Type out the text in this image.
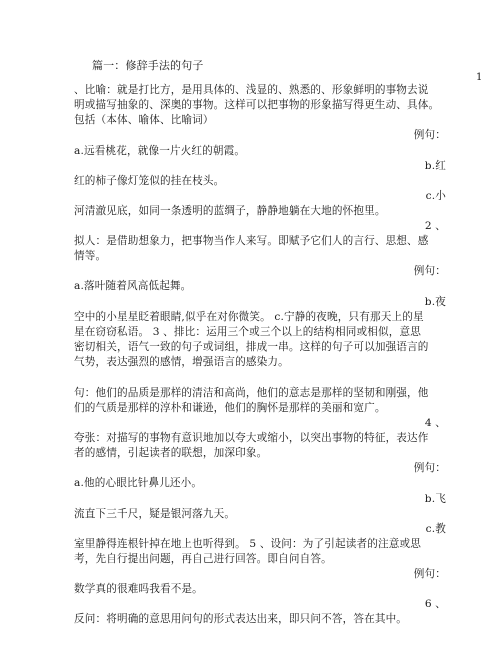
篇一：修辞手法的句子
1
、比喻：就是打比方，是用具体的、浅显的、熟悉的、形象鲜明的事物去说
明或描写抽象的、深奥的事物。这样可以把事物的形象描写得更生动、具体。
包括（本体、喻体、比喻词）
例句：
a.远看桃花，就像一片火红的朝霞。
b.红
红的柿子像灯笼似的挂在枝头。
c.小
河清澈见底，如同一条透明的蓝绸子，静静地躺在大地的怀抱里。
2 、
拟人：是借助想象力，把事物当作人来写。即赋予它们人的言行、思想、感
情等。
例句：
a.落叶随着风高低起舞。
b.夜
空中的小星星眨着眼睛,似乎在对你微笑。 c.宁静的夜晚，只有那天上的星
星在窃窃私语。 3 、排比：运用三个或三个以上的结构相同或相似，意思
密切相关，语气一致的句子或词组，排成一串。这样的句子可以加强语言的
气势，表达强烈的感情，增强语言的感染力。
句：他们的品质是那样的清洁和高尚，他们的意志是那样的坚韧和刚强，他
们的气质是那样的淳朴和谦逊，他们的胸怀是那样的美丽和宽广。
4 、
夸张：对描写的事物有意识地加以夸大或缩小，以突出事物的特征，表达作
者的感情，引起读者的联想，加深印象。
例句：
a.他的心眼比针鼻儿还小。
b.飞
流直下三千尺，疑是银河落九天。
c.教
室里静得连根针掉在地上也听得到。 5 、设问：为了引起读者的注意或思
考，先自行提出问题，再自己进行回答。即自问自答。
例句：
数学真的很难吗我看不是。
6 、
反问：将明确的意思用问句的形式表达出来，即只问不答，答在其中。
